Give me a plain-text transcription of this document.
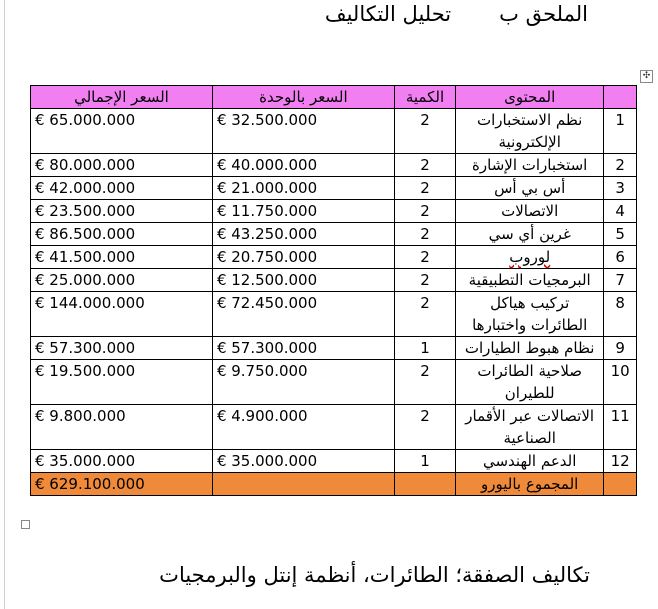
الملحق بتحليل التكاليف
✣
	المحتوى	الكمية	السعر بالوحدة	السعر الإجمالي
1	نظم الاستخبارات الإلكترونية	2	€ 32.500.000	€ 65.000.000
2	استخبارات الإشارة	2	€ 40.000.000	€ 80.000.000
3	أس بي أس	2	€ 21.000.000	€ 42.000.000
4	الاتصالات	2	€ 11.750.000	€ 23.500.000
5	غرين أي سي	2	€ 43.250.000	€ 86.500.000
6	لوروب	2	€ 20.750.000	€ 41.500.000
7	البرمجيات التطبيقية	2	€ 12.500.000	€ 25.000.000
8	تركيب هياكل الطائرات واختبارها	2	€ 72.450.000	€ 144.000.000
9	نظام هبوط الطيارات	1	€ 57.300.000	€ 57.300.000
10	صلاحية الطائرات للطيران	2	€ 9.750.000	€ 19.500.000
11	الاتصالات عبر الأقمار الصناعية	2	€ 4.900.000	€ 9.800.000
12	الدعم الهندسي	1	€ 35.000.000	€ 35.000.000
	المجموع باليورو			€ 629.100.000
تكاليف الصفقة؛ الطائرات، أنظمة إنتل والبرمجيات
